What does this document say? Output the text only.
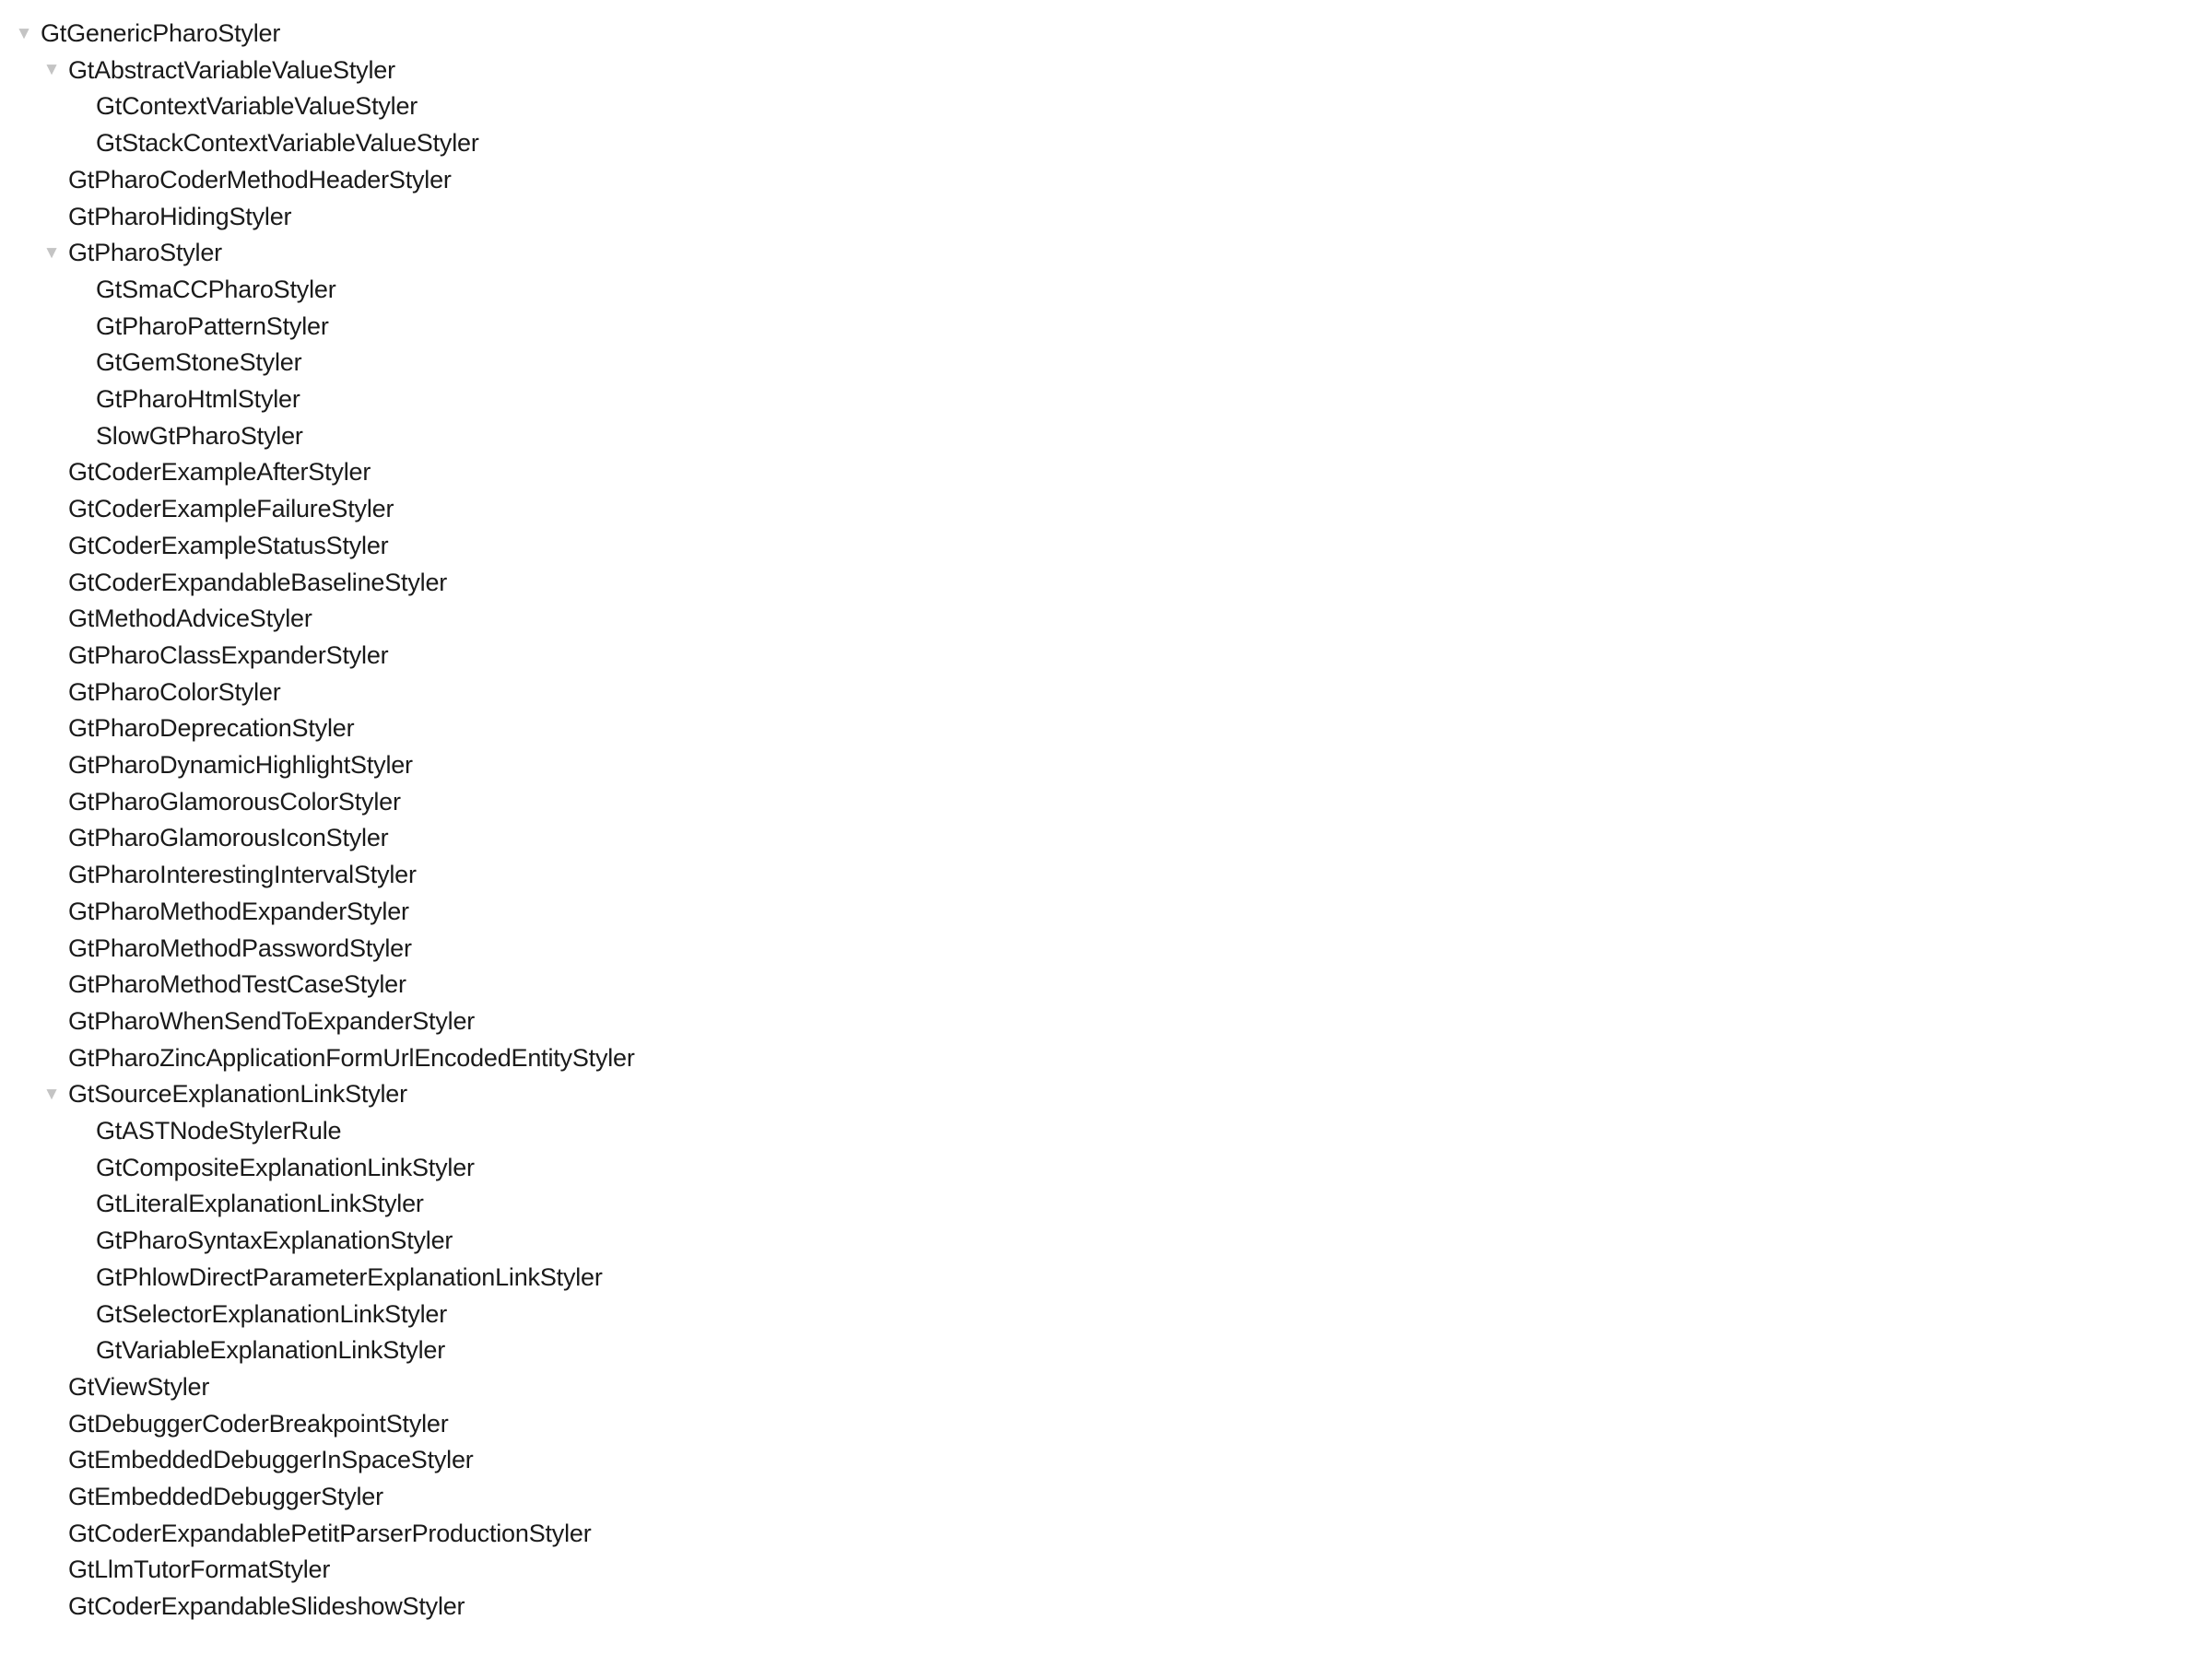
▼ GtGenericPharoStyler
▼ GtAbstractVariableValueStyler
GtContextVariableValueStyler
GtStackContextVariableValueStyler
GtPharoCoderMethodHeaderStyler
GtPharoHidingStyler
▼ GtPharoStyler
GtSmaCCPharoStyler
GtPharoPatternStyler
GtGemStoneStyler
GtPharoHtmlStyler
SlowGtPharoStyler
GtCoderExampleAfterStyler
GtCoderExampleFailureStyler
GtCoderExampleStatusStyler
GtCoderExpandableBaselineStyler
GtMethodAdviceStyler
GtPharoClassExpanderStyler
GtPharoColorStyler
GtPharoDeprecationStyler
GtPharoDynamicHighlightStyler
GtPharoGlamorousColorStyler
GtPharoGlamorousIconStyler
GtPharoInterestingIntervalStyler
GtPharoMethodExpanderStyler
GtPharoMethodPasswordStyler
GtPharoMethodTestCaseStyler
GtPharoWhenSendToExpanderStyler
GtPharoZincApplicationFormUrlEncodedEntityStyler
▼ GtSourceExplanationLinkStyler
GtASTNodeStylerRule
GtCompositeExplanationLinkStyler
GtLiteralExplanationLinkStyler
GtPharoSyntaxExplanationStyler
GtPhlowDirectParameterExplanationLinkStyler
GtSelectorExplanationLinkStyler
GtVariableExplanationLinkStyler
GtViewStyler
GtDebuggerCoderBreakpointStyler
GtEmbeddedDebuggerInSpaceStyler
GtEmbeddedDebuggerStyler
GtCoderExpandablePetitParserProductionStyler
GtLlmTutorFormatStyler
GtCoderExpandableSlideshowStyler
